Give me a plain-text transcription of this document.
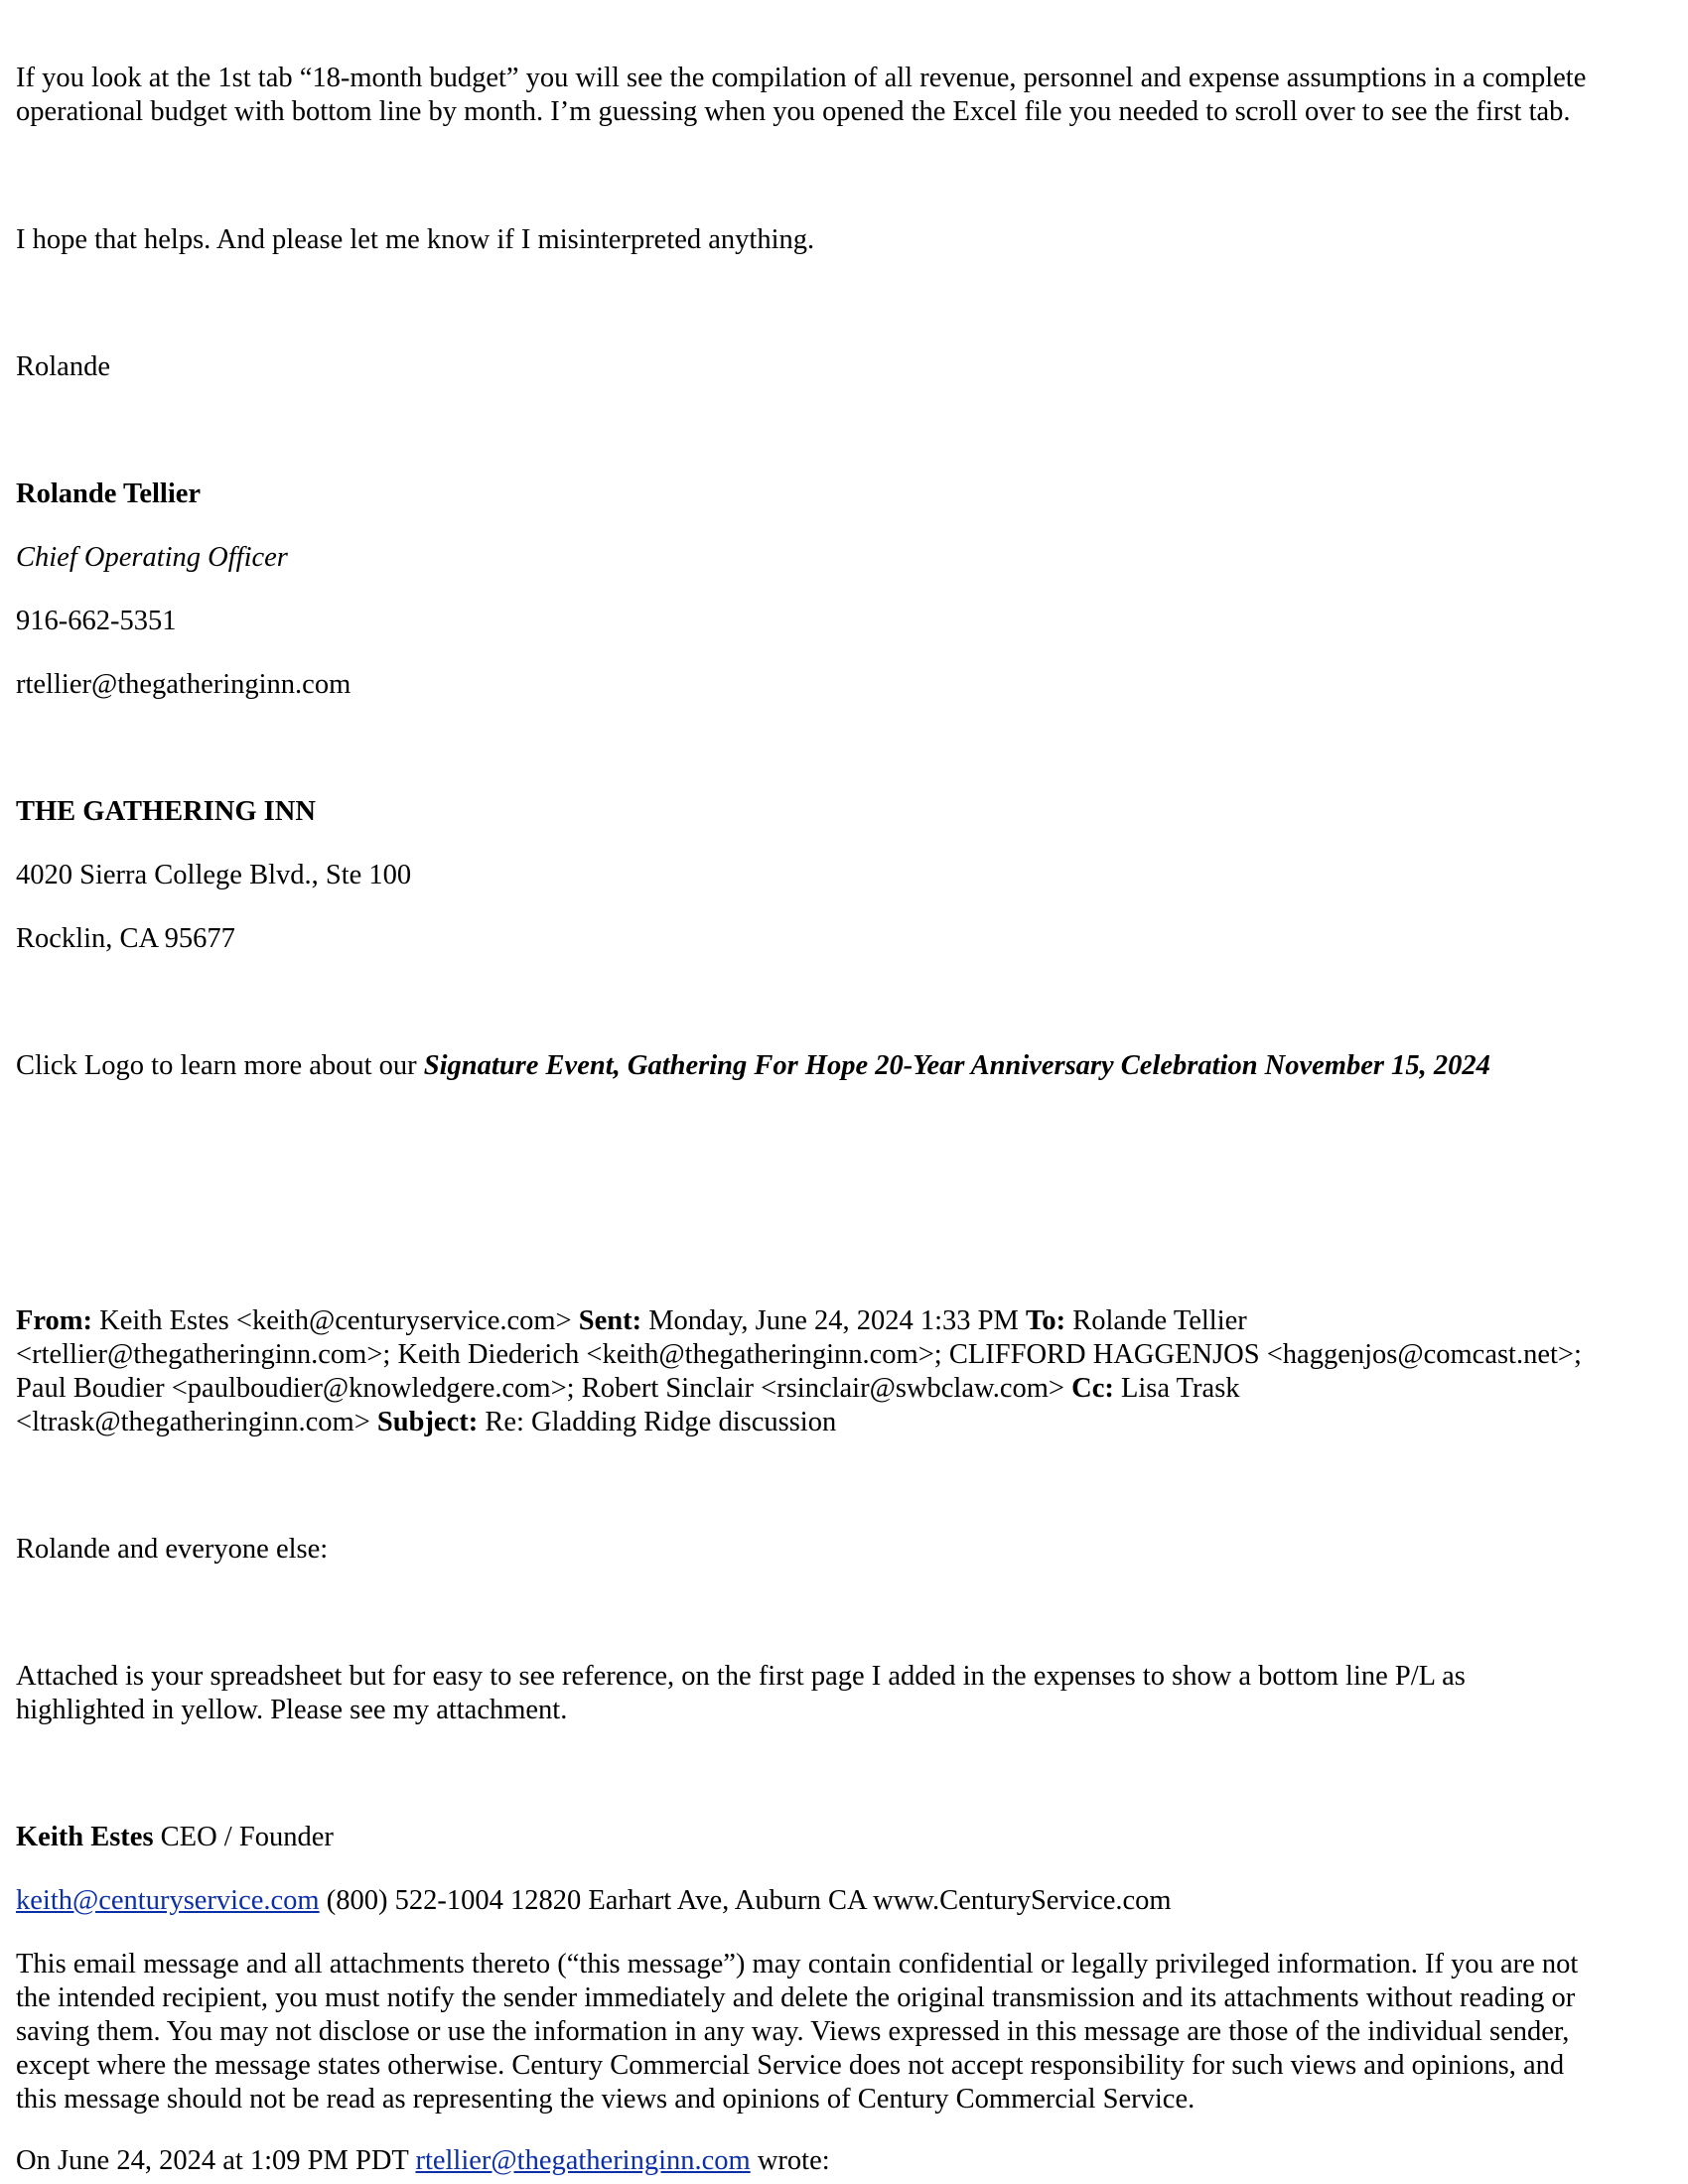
If you look at the 1st tab “18-month budget” you will see the compilation of all revenue, personnel and expense assumptions in a complete

operational budget with bottom line by month. I’m guessing when you opened the Excel file you needed to scroll over to see the first tab.

I hope that helps. And please let me know if I misinterpreted anything.

Rolande

Rolande Tellier

Chief Operating Officer

916-662-5351

rtellier@thegatheringinn.com

THE GATHERING INN

4020 Sierra College Blvd., Ste 100

Rocklin, CA 95677

Click Logo to learn more about our Signature Event, Gathering For Hope 20-Year Anniversary Celebration November 15, 2024

From: Keith Estes <keith@centuryservice.com> Sent: Monday, June 24, 2024 1:33 PM To: Rolande Tellier

<rtellier@thegatheringinn.com>; Keith Diederich <keith@thegatheringinn.com>; CLIFFORD HAGGENJOS <haggenjos@comcast.net>;

Paul Boudier <paulboudier@knowledgere.com>; Robert Sinclair <rsinclair@swbclaw.com> Cc: Lisa Trask

<ltrask@thegatheringinn.com> Subject: Re: Gladding Ridge discussion

Rolande and everyone else:

Attached is your spreadsheet but for easy to see reference, on the first page I added in the expenses to show a bottom line P/L as

highlighted in yellow. Please see my attachment.

Keith Estes CEO / Founder

keith@centuryservice.com (800) 522-1004 12820 Earhart Ave, Auburn CA www.CenturyService.com

This email message and all attachments thereto (“this message”) may contain confidential or legally privileged information. If you are not

the intended recipient, you must notify the sender immediately and delete the original transmission and its attachments without reading or

saving them. You may not disclose or use the information in any way. Views expressed in this message are those of the individual sender,

except where the message states otherwise. Century Commercial Service does not accept responsibility for such views and opinions, and

this message should not be read as representing the views and opinions of Century Commercial Service.

On June 24, 2024 at 1:09 PM PDT rtellier@thegatheringinn.com wrote:
